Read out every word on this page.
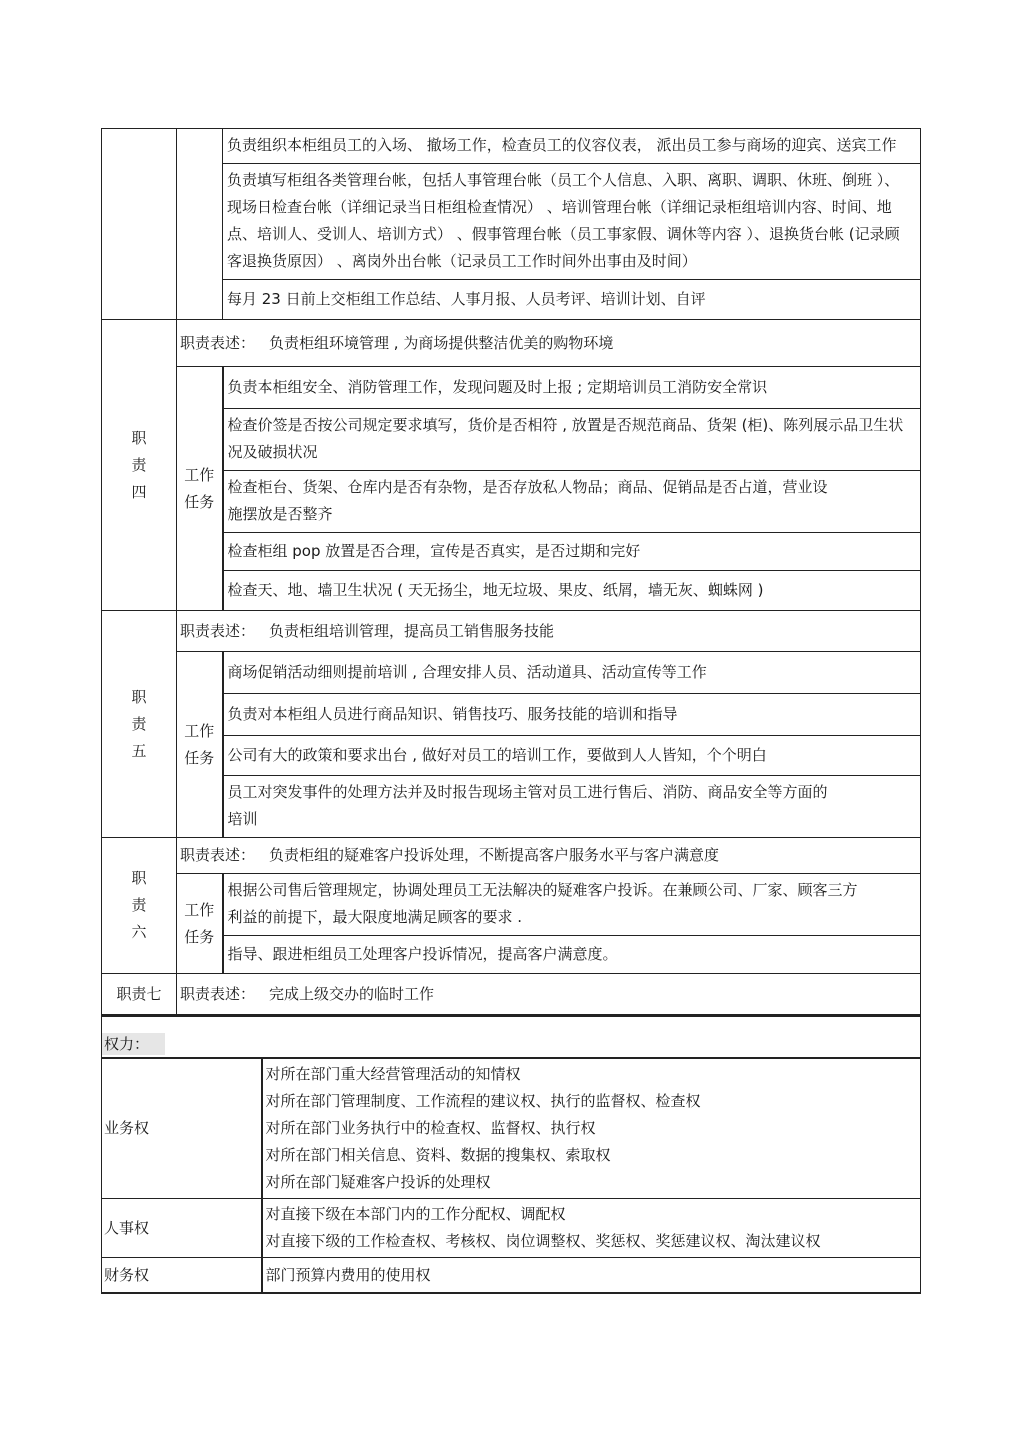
		负责组织本柜组员工的入场、 撤场工作，检查员工的仪容仪表， 派出员工参与商场的迎宾、送宾工作
		负责填写柜组各类管理台帐，包括人事管理台帐（员工个人信息、入职、离职、调职、休班、倒班 ）、现场日检查台帐（详细记录当日柜组检查情况） 、培训管理台帐（详细记录柜组培训内容、时间、地点、培训人、受训人、培训方式） 、假事管理台帐（员工事家假、调休等内容 ）、退换货台帐 (记录顾客退换货原因） 、离岗外出台帐（记录员工工作时间外出事由及时间）
		每月 23 日前上交柜组工作总结、人事月报、人员考评、培训计划、自评

职
责
四	职责表述： 负责柜组环境管理 , 为商场提供整洁优美的购物环境	

	工作
任务	负责本柜组安全、消防管理工作，发现问题及时上报 ; 定期培训员工消防安全常识
		检查价签是否按公司规定要求填写，货价是否相符 , 放置是否规范商品、货架 (柜)、陈列展示品卫生状况及破损状况
		检查柜台、货架、仓库内是否有杂物，是否存放私人物品；商品、促销品是否占道，营业设施摆放是否整齐
		检查柜组 pop 放置是否合理，宣传是否真实，是否过期和完好
		检查天、地、墙卫生状况 ( 天无扬尘，地无垃圾、果皮、纸屑，墙无灰、蜘蛛网 )

职
责
五	职责表述： 负责柜组培训管理，提高员工销售服务技能	

	工作
任务	商场促销活动细则提前培训 , 合理安排人员、活动道具、活动宣传等工作
		负责对本柜组人员进行商品知识、销售技巧、服务技能的培训和指导
		公司有大的政策和要求出台 , 做好对员工的培训工作，要做到人人皆知，个个明白
		员工对突发事件的处理方法并及时报告现场主管对员工进行售后、消防、商品安全等方面的培训

职
责
六	职责表述： 负责柜组的疑难客户投诉处理，不断提高客户服务水平与客户满意度	

	工作
任务	根据公司售后管理规定，协调处理员工无法解决的疑难客户投诉。在兼顾公司、厂家、顾客三方利益的前提下，最大限度地满足顾客的要求 .
		指导、跟进柜组员工处理客户投诉情况，提高客户满意度。
职责七	职责表述： 完成上级交办的临时工作	
权力：
业务权	对所在部门重大经营管理活动的知情权
对所在部门管理制度、工作流程的建议权、执行的监督权、检查权
对所在部门业务执行中的检查权、监督权、执行权
对所在部门相关信息、资料、数据的搜集权、索取权
对所在部门疑难客户投诉的处理权

人事权	对直接下级在本部门内的工作分配权、调配权
对直接下级的工作检查权、考核权、岗位调整权、奖惩权、奖惩建议权、淘汰建议权

财务权	部门预算内费用的使用权
